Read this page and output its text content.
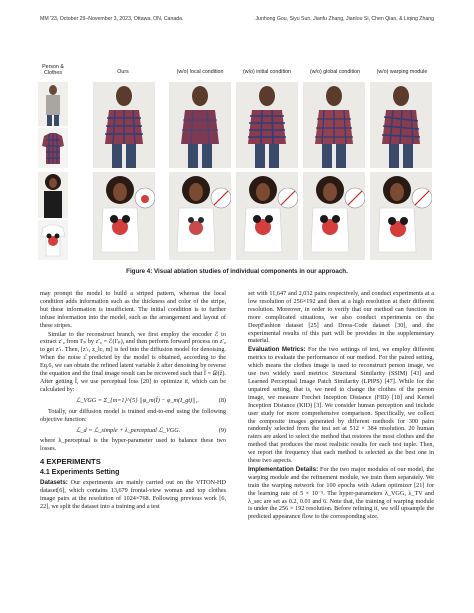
MM '23, October 29–November 3, 2023, Ottawa, ON, Canada.	Junhong Gou, Siyu Sun, Jianfu Zhang, Jianlou Si, Chen Qian, & Liqing Zhang
Person & Clothes	Ours	(w/o) local condition	(w/o) initial condition	(w/o) global condition	(w/o) warping module
Figure 4: Visual ablation studies of individual components in our approach.

may prompt the model to build a striped pattern, whereas the local condition adds information such as the thickness and color of the stripe, but these information is insufficient. The initial condition is to further infuse information into the model, such as the arrangement and layout of these stripes.

Similar to the reconstruct branch, we first employ the encoder ℰ to extract z′₀ from I′ₚ by z′₀ = ℰ(I′ₚ), and then perform forward process on z′₀ to get z′ₜ. Then, [z′ₜ, z_lc, m] is fed into the diffusion model for denoising. When the noise ε̂ predicted by the model is obtained, according to the Eq.6, we can obtain the refined latent variable ẑ after denoising by reverse the equation and the final image result can be recovered such that Î = 𝒟(ẑ). After getting Î, we use perceptual loss [20] to optimize it, which can be calculated by:

ℒ_VGG = Σ_{m=1}^{5} ||φ_m(Î) − φ_m(I_gt)||₁.	(8)

Totally, our diffusion model is trained end-to-end using the following objective function:

ℒ_d = ℒ_simple + λ_perceptual ℒ_VGG.	(9)

where λ_perceptual is the hyper-parameter used to balance these two losses.

4 EXPERIMENTS
4.1 Experiments Setting

Datasets: Our experiments are mainly carried out on the VITON-HD dataset[6], which contains 13,679 frontal-view woman and top clothes image pairs at the resolution of 1024×768. Following previous work [6, 22], we split the dataset into a training and a test

set with 11,647 and 2,032 pairs respectively, and conduct experiments at a low resolution of 256×192 and then at a high resolution at their different resolution. Moreover, in order to verify that our method can function in more complicated situations, we also conduct experiments on the DeepFashion dataset [25] and Dress-Code dataset [30], and the experimental results of this part will be provides in the supplementary material.

Evaluation Metrics: For the two settings of test, we employ different metrics to evaluate the performance of our method. For the paired setting, which means the clothes image is used to reconstruct person image, we use two widely used metrics: Structural Similarity (SSIM) [43] and Learned Perceptual Image Patch Similarity (LPIPS) [47]. While for the unpaired setting, that is, we need to change the clothes of the person image, we measure Frechet Inception Distance (FID) [18] and Kernel Inception Distance (KID) [3]. We consider human perception and include user study for more comprehensive comparison. Specifically, we collect the composite images generated by different methods for 300 pairs randomly selected from the test set at 512 × 384 resolution. 20 human raters are asked to select the method that restores the most clothes and the method that produces the most realistic results for each test tuple. Then, we report the frequency that each method is selected as the best one in these two aspects.

Implementation Details: For the two major modules of our model, the warping module and the refinement module, we train them separately. We train the warping network for 100 epochs with Adam optimizer [21] for the learning rate of 5 × 10⁻⁵. The hyper-parameters λ_VGG, λ_TV and λ_sec are set as 0.2, 0.01 and 6. Note that, the training of warping module is under the 256 × 192 resolution. Before refining it, we will upsample the predicted appearance flow to the corresponding size.
